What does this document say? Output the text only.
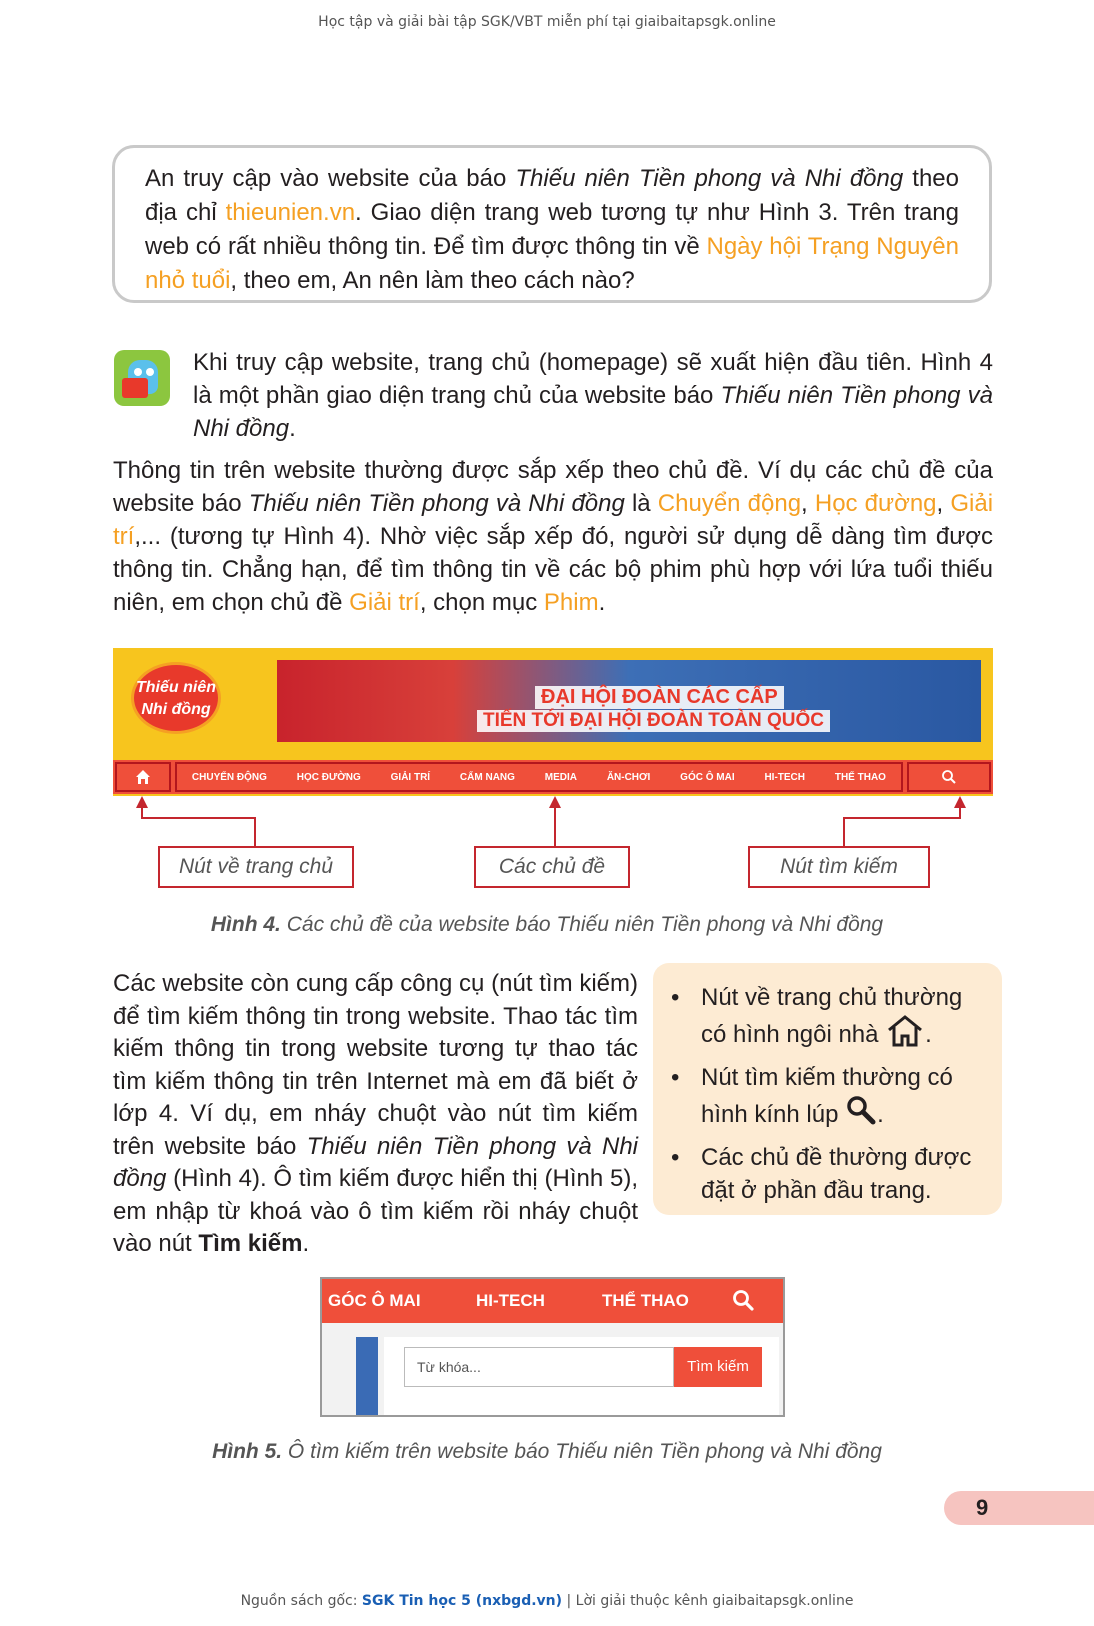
Học tập và giải bài tập SGK/VBT miễn phí tại giaibaitapsgk.online
An truy cập vào website của báo Thiếu niên Tiền phong và Nhi đồng theo địa chỉ thieunien.vn. Giao diện trang web tương tự như Hình 3. Trên trang web có rất nhiều thông tin. Để tìm được thông tin về Ngày hội Trạng Nguyên nhỏ tuổi, theo em, An nên làm theo cách nào?

Khi truy cập website, trang chủ (homepage) sẽ xuất hiện đầu tiên. Hình 4 là một phần giao diện trang chủ của website báo Thiếu niên Tiền phong và Nhi đồng.

Thông tin trên website thường được sắp xếp theo chủ đề. Ví dụ các chủ đề của website báo Thiếu niên Tiền phong và Nhi đồng là Chuyển động, Học đường, Giải trí,... (tương tự Hình 4). Nhờ việc sắp xếp đó, người sử dụng dễ dàng tìm được thông tin. Chẳng hạn, để tìm thông tin về các bộ phim phù hợp với lứa tuổi thiếu niên, em chọn chủ đề Giải trí, chọn mục Phim.

Thiếu niên Nhi đồng
ĐẠI HỘI ĐOÀN CÁC CẤP
TIẾN TỚI ĐẠI HỘI ĐOÀN TOÀN QUỐC
CHUYỂN ĐỘNG	HỌC ĐƯỜNG	GIẢI TRÍ	CẨM NANG	MEDIA	ĂN-CHƠI	GÓC Ô MAI	HI-TECH	THỂ THAO
Nút về trang chủ	Các chủ đề	Nút tìm kiếm
Hình 4. Các chủ đề của website báo Thiếu niên Tiền phong và Nhi đồng

Các website còn cung cấp công cụ (nút tìm kiếm) để tìm kiếm thông tin trong website. Thao tác tìm kiếm thông tin trong website tương tự thao tác tìm kiếm thông tin trên Internet mà em đã biết ở lớp 4. Ví dụ, em nháy chuột vào nút tìm kiếm trên website báo Thiếu niên Tiền phong và Nhi đồng (Hình 4). Ô tìm kiếm được hiển thị (Hình 5), em nhập từ khoá vào ô tìm kiếm rồi nháy chuột vào nút Tìm kiếm.

• Nút về trang chủ thường có hình ngôi nhà .
• Nút tìm kiếm thường có hình kính lúp .
• Các chủ đề thường được đặt ở phần đầu trang.
GÓC Ô MAI	HI-TECH	THỂ THAO
Từ khóa...	Tìm kiếm
Hình 5. Ô tìm kiếm trên website báo Thiếu niên Tiền phong và Nhi đồng
9
Nguồn sách gốc: SGK Tin học 5 (nxbgd.vn) | Lời giải thuộc kênh giaibaitapsgk.online
